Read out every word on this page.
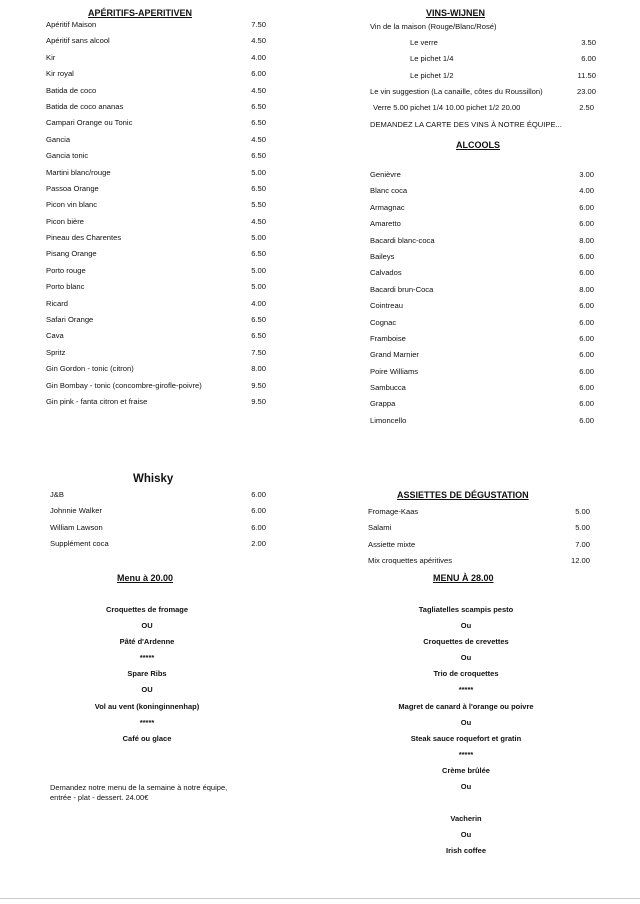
APÉRITIFS-APERITIVEN
Apéritif Maison	7.50
Apéritif sans alcool	4.50
Kir	4.00
Kir royal	6.00
Batida de coco	4.50
Batida de coco ananas	6.50
Campari Orange ou Tonic	6.50
Gancia	4.50
Gancia tonic	6.50
Martini blanc/rouge	5.00
Passoa Orange	6.50
Picon vin blanc	5.50
Picon bière	4.50
Pineau des Charentes	5.00
Pisang Orange	6.50
Porto rouge	5.00
Porto blanc	5.00
Ricard	4.00
Safari Orange	6.50
Cava	6.50
Spritz	7.50
Gin Gordon - tonic (citron)	8.00
Gin Bombay - tonic (concombre-girofle-poivre)	9.50
Gin pink - fanta citron et fraise	9.50
VINS-WIJNEN
Vin de la maison (Rouge/Blanc/Rosé)
Le verre	3.50
Le pichet 1/4	6.00
Le pichet 1/2	11.50
Le vin suggestion (La canaille, côtes du Roussillon)	23.00
Verre 5.00 pichet 1/4 10.00 pichet 1/2 20.00	2.50
DEMANDEZ LA CARTE DES VINS À NOTRE ÉQUIPE...
ALCOOLS
Genièvre	3.00
Blanc coca	4.00
Armagnac	6.00
Amaretto	6.00
Bacardi blanc-coca	8.00
Baileys	6.00
Calvados	6.00
Bacardi brun-Coca	8.00
Cointreau	6.00
Cognac	6.00
Framboise	6.00
Grand Marnier	6.00
Poire Williams	6.00
Sambucca	6.00
Grappa	6.00
Limoncello	6.00
Whisky
J&B	6.00
Johnnie Walker	6.00
William Lawson	6.00
Supplément coca	2.00
ASSIETTES DE DÉGUSTATION
Fromage-Kaas	5.00
Salami	5.00
Assiette mixte	7.00
Mix croquettes apéritives	12.00
Menu à 20.00
Croquettes de fromage
OU
Pâté d'Ardenne
*****
Spare Ribs
OU
Vol au vent (koninginnenhap)
*****
Café ou glace
MENU À 28.00
Tagliatelles scampis pesto
Ou
Croquettes de crevettes
Ou
Trio de croquettes
*****
Magret de canard à l'orange ou poivre
Ou
Steak sauce roquefort et gratin
*****
Crème brûlée
Ou
Vacherin
Ou
Irish coffee
Demandez notre menu de la semaine à notre équipe,
entrée - plat - dessert. 24.00€
